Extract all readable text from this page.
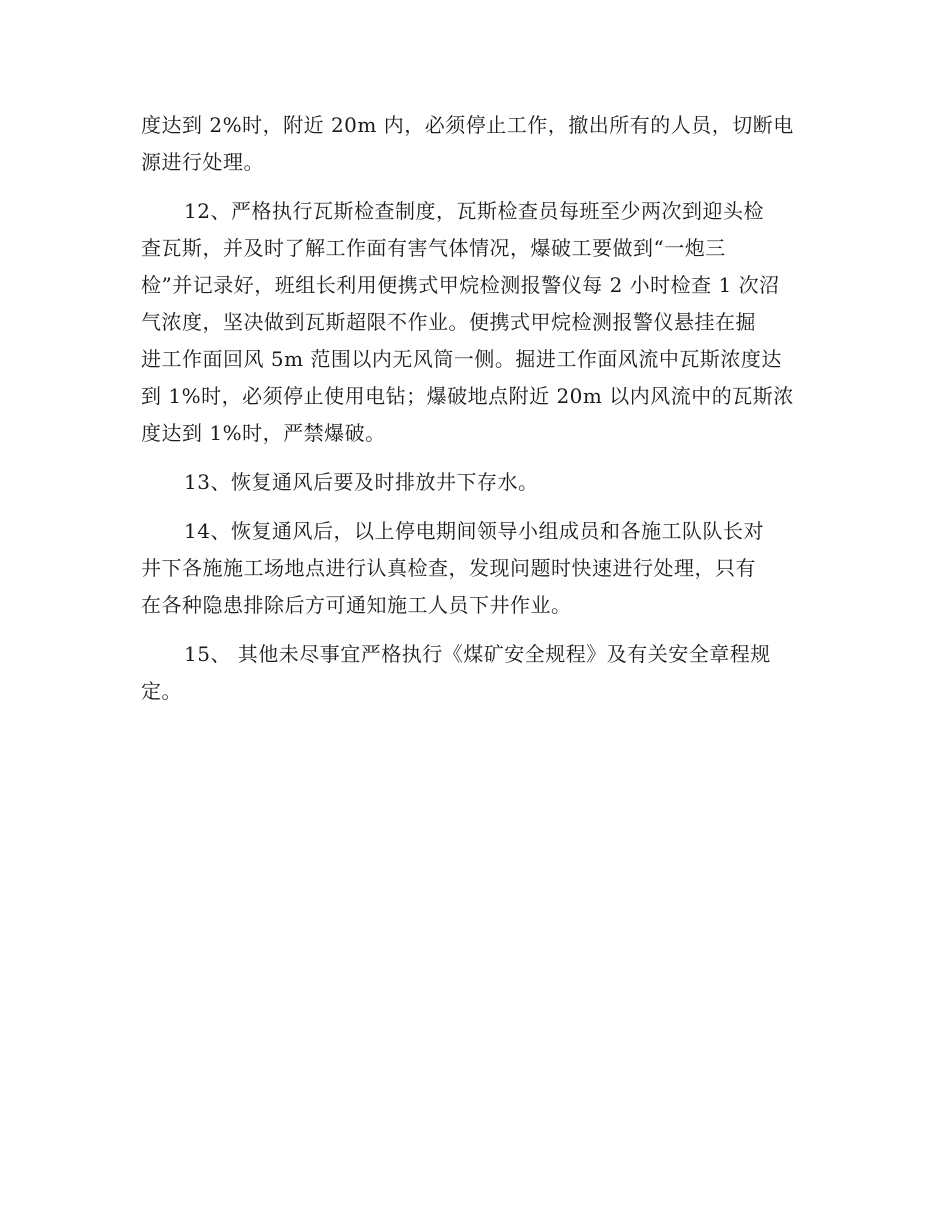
度达到 2%时，附近 20m 内，必须停止工作，撤出所有的人员，切断电
源进行处理。

12、严格执行瓦斯检查制度，瓦斯检查员每班至少两次到迎头检
查瓦斯，并及时了解工作面有害气体情况，爆破工要做到“一炮三
检”并记录好，班组长利用便携式甲烷检测报警仪每 2 小时检查 1 次沼
气浓度，坚决做到瓦斯超限不作业。便携式甲烷检测报警仪悬挂在掘
进工作面回风 5m 范围以内无风筒一侧。掘进工作面风流中瓦斯浓度达
到 1%时，必须停止使用电钻；爆破地点附近 20m 以内风流中的瓦斯浓
度达到 1%时，严禁爆破。

13、恢复通风后要及时排放井下存水。

14、恢复通风后，以上停电期间领导小组成员和各施工队队长对
井下各施施工场地点进行认真检查，发现问题时快速进行处理，只有
在各种隐患排除后方可通知施工人员下井作业。

15、 其他未尽事宜严格执行《煤矿安全规程》及有关安全章程规
定。
